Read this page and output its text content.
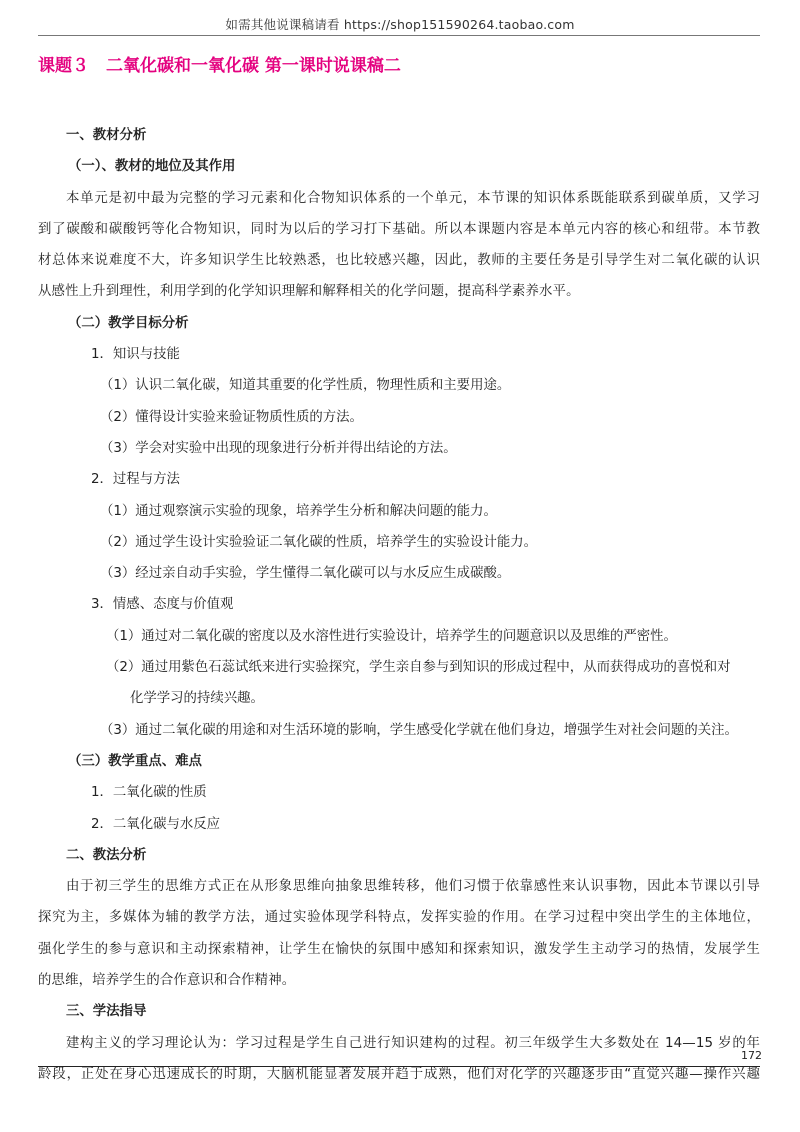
如需其他说课稿请看 https://shop151590264.taobao.com
课题３　二氧化碳和一氧化碳 第一课时说课稿二
一、教材分析
（一）、教材的地位及其作用
本单元是初中最为完整的学习元素和化合物知识体系的一个单元，本节课的知识体系既能联系到碳单质，又学习
到了碳酸和碳酸钙等化合物知识，同时为以后的学习打下基础。所以本课题内容是本单元内容的核心和纽带。本节教
材总体来说难度不大，许多知识学生比较熟悉，也比较感兴趣，因此，教师的主要任务是引导学生对二氧化碳的认识
从感性上升到理性，利用学到的化学知识理解和解释相关的化学问题，提高科学素养水平。
（二）教学目标分析
1．知识与技能
（1）认识二氧化碳，知道其重要的化学性质，物理性质和主要用途。
（2）懂得设计实验来验证物质性质的方法。
（3）学会对实验中出现的现象进行分析并得出结论的方法。
2．过程与方法
（1）通过观察演示实验的现象，培养学生分析和解决问题的能力。
（2）通过学生设计实验验证二氧化碳的性质，培养学生的实验设计能力。
（3）经过亲自动手实验，学生懂得二氧化碳可以与水反应生成碳酸。
3．情感、态度与价值观
（1）通过对二氧化碳的密度以及水溶性进行实验设计，培养学生的问题意识以及思维的严密性。
（2）通过用紫色石蕊试纸来进行实验探究，学生亲自参与到知识的形成过程中，从而获得成功的喜悦和对
化学学习的持续兴趣。
（3）通过二氧化碳的用途和对生活环境的影响，学生感受化学就在他们身边，增强学生对社会问题的关注。
（三）教学重点、难点
1．二氧化碳的性质
2．二氧化碳与水反应
二、教法分析
由于初三学生的思维方式正在从形象思维向抽象思维转移，他们习惯于依靠感性来认识事物，因此本节课以引导
探究为主，多媒体为辅的教学方法，通过实验体现学科特点，发挥实验的作用。在学习过程中突出学生的主体地位，
强化学生的参与意识和主动探索精神，让学生在愉快的氛围中感知和探索知识，激发学生主动学习的热情，发展学生
的思维，培养学生的合作意识和合作精神。
三、学法指导
建构主义的学习理论认为：学习过程是学生自己进行知识建构的过程。初三年级学生大多数处在 14—15 岁的年
龄段，正处在身心迅速成长的时期，大脑机能显著发展并趋于成熟，他们对化学的兴趣逐步由“直觉兴趣—操作兴趣
172
